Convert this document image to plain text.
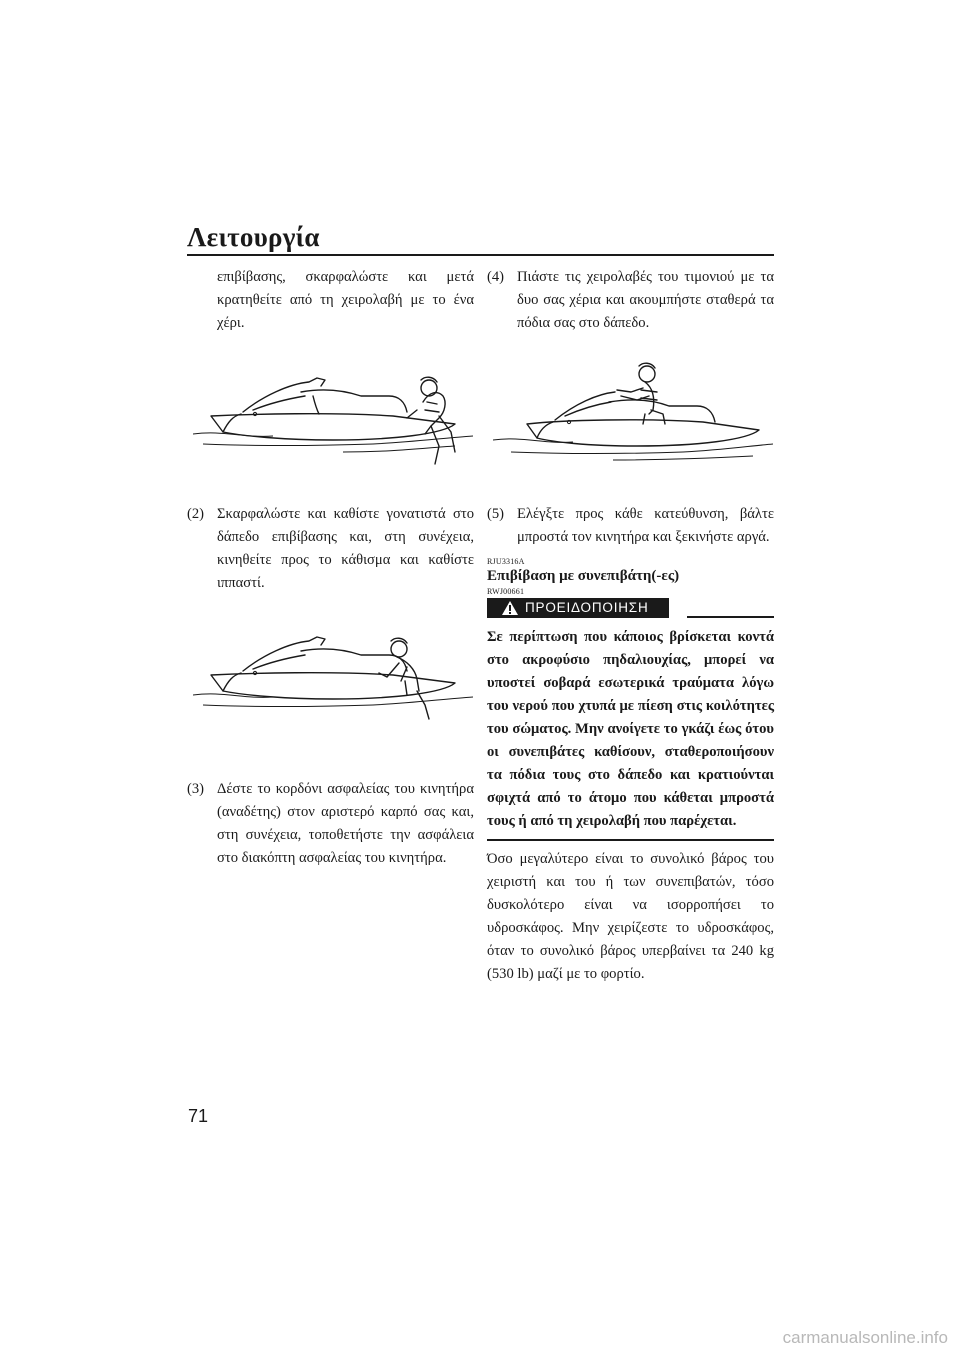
Λειτουργία

επιβίβασης, σκαρφαλώστε και μετά κρατηθείτε από τη χειρολαβή με το ένα χέρι.

(2) Σκαρφαλώστε και καθίστε γονατιστά στο δάπεδο επιβίβασης και, στη συνέχεια, κινηθείτε προς το κάθισμα και καθίστε ιππαστί.
(3) Δέστε το κορδόνι ασφαλείας του κινητήρα (αναδέτης) στον αριστερό καρπό σας και, στη συνέχεια, τοποθετήστε την ασφάλεια στο διακόπτη ασφαλείας του κινητήρα.
(4) Πιάστε τις χειρολαβές του τιμονιού με τα δυο σας χέρια και ακουμπήστε σταθερά τα πόδια σας στο δάπεδο.
(5) Ελέγξτε προς κάθε κατεύθυνση, βάλτε μπροστά τον κινητήρα και ξεκινήστε αργά.
RJU3316A
Επιβίβαση με συνεπιβάτη(-ες)
RWJ00661
ΠΡΟΕΙΔΟΠΟΙΗΣΗ

Σε περίπτωση που κάποιος βρίσκεται κοντά στο ακροφύσιο πηδαλιουχίας, μπορεί να υποστεί σοβαρά εσωτερικά τραύματα λόγω του νερού που χτυπά με πίεση στις κοιλότητες του σώματος. Μην ανοίγετε το γκάζι έως ότου οι συνεπιβάτες καθίσουν, σταθεροποιήσουν τα πόδια τους στο δάπεδο και κρατιούνται σφιχτά από το άτομο που κάθεται μπροστά τους ή από τη χειρολαβή που παρέχεται.

Όσο μεγαλύτερο είναι το συνολικό βάρος του χειριστή και του ή των συνεπιβατών, τόσο δυσκολότερο είναι να ισορροπήσει το υδροσκάφος. Μην χειρίζεστε το υδροσκάφος, όταν το συνολικό βάρος υπερβαίνει τα 240 kg (530 lb) μαζί με το φορτίο.

71
carmanualsonline.info
